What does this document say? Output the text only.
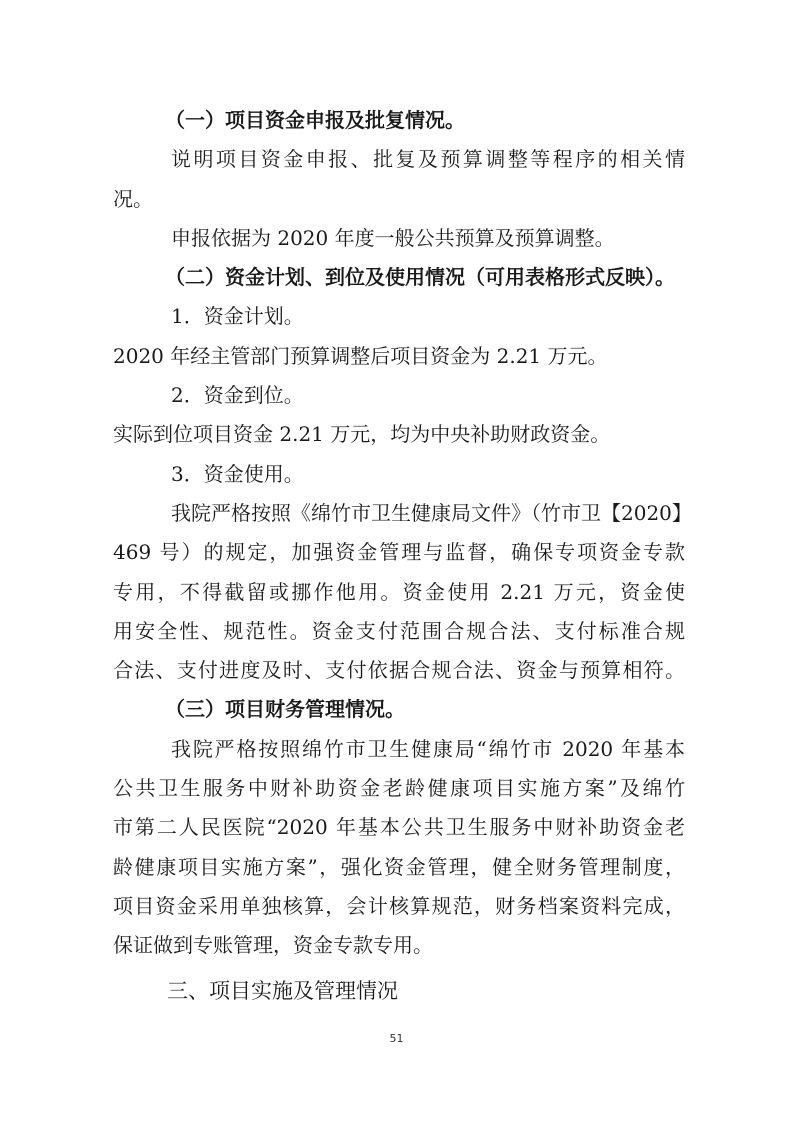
（一）项目资金申报及批复情况。
说明项目资金申报、批复及预算调整等程序的相关情
况。
申报依据为 2020 年度一般公共预算及预算调整。
（二）资金计划、到位及使用情况（可用表格形式反映）。
1．资金计划。
2020 年经主管部门预算调整后项目资金为 2.21 万元。
2．资金到位。
实际到位项目资金 2.21 万元，均为中央补助财政资金。
3．资金使用。
我院严格按照《绵竹市卫生健康局文件》（竹市卫【2020】
469 号）的规定，加强资金管理与监督，确保专项资金专款
专用，不得截留或挪作他用。资金使用 2.21 万元，资金使
用安全性、规范性。资金支付范围合规合法、支付标准合规
合法、支付进度及时、支付依据合规合法、资金与预算相符。
（三）项目财务管理情况。
我院严格按照绵竹市卫生健康局“绵竹市 2020 年基本
公共卫生服务中财补助资金老龄健康项目实施方案”及绵竹
市第二人民医院“2020 年基本公共卫生服务中财补助资金老
龄健康项目实施方案”，强化资金管理，健全财务管理制度，
项目资金采用单独核算，会计核算规范，财务档案资料完成，
保证做到专账管理，资金专款专用。
三、项目实施及管理情况
51
